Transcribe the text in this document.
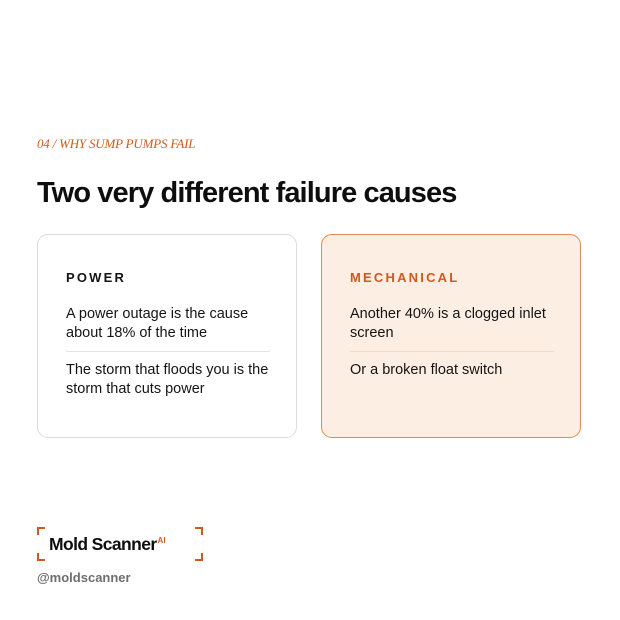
04 / WHY SUMP PUMPS FAIL
Two very different failure causes
POWER
A power outage is the cause about 18% of the time
The storm that floods you is the storm that cuts power
MECHANICAL
Another 40% is a clogged inlet screen
Or a broken float switch
Mold Scanner$^{AI}$
@moldscanner
